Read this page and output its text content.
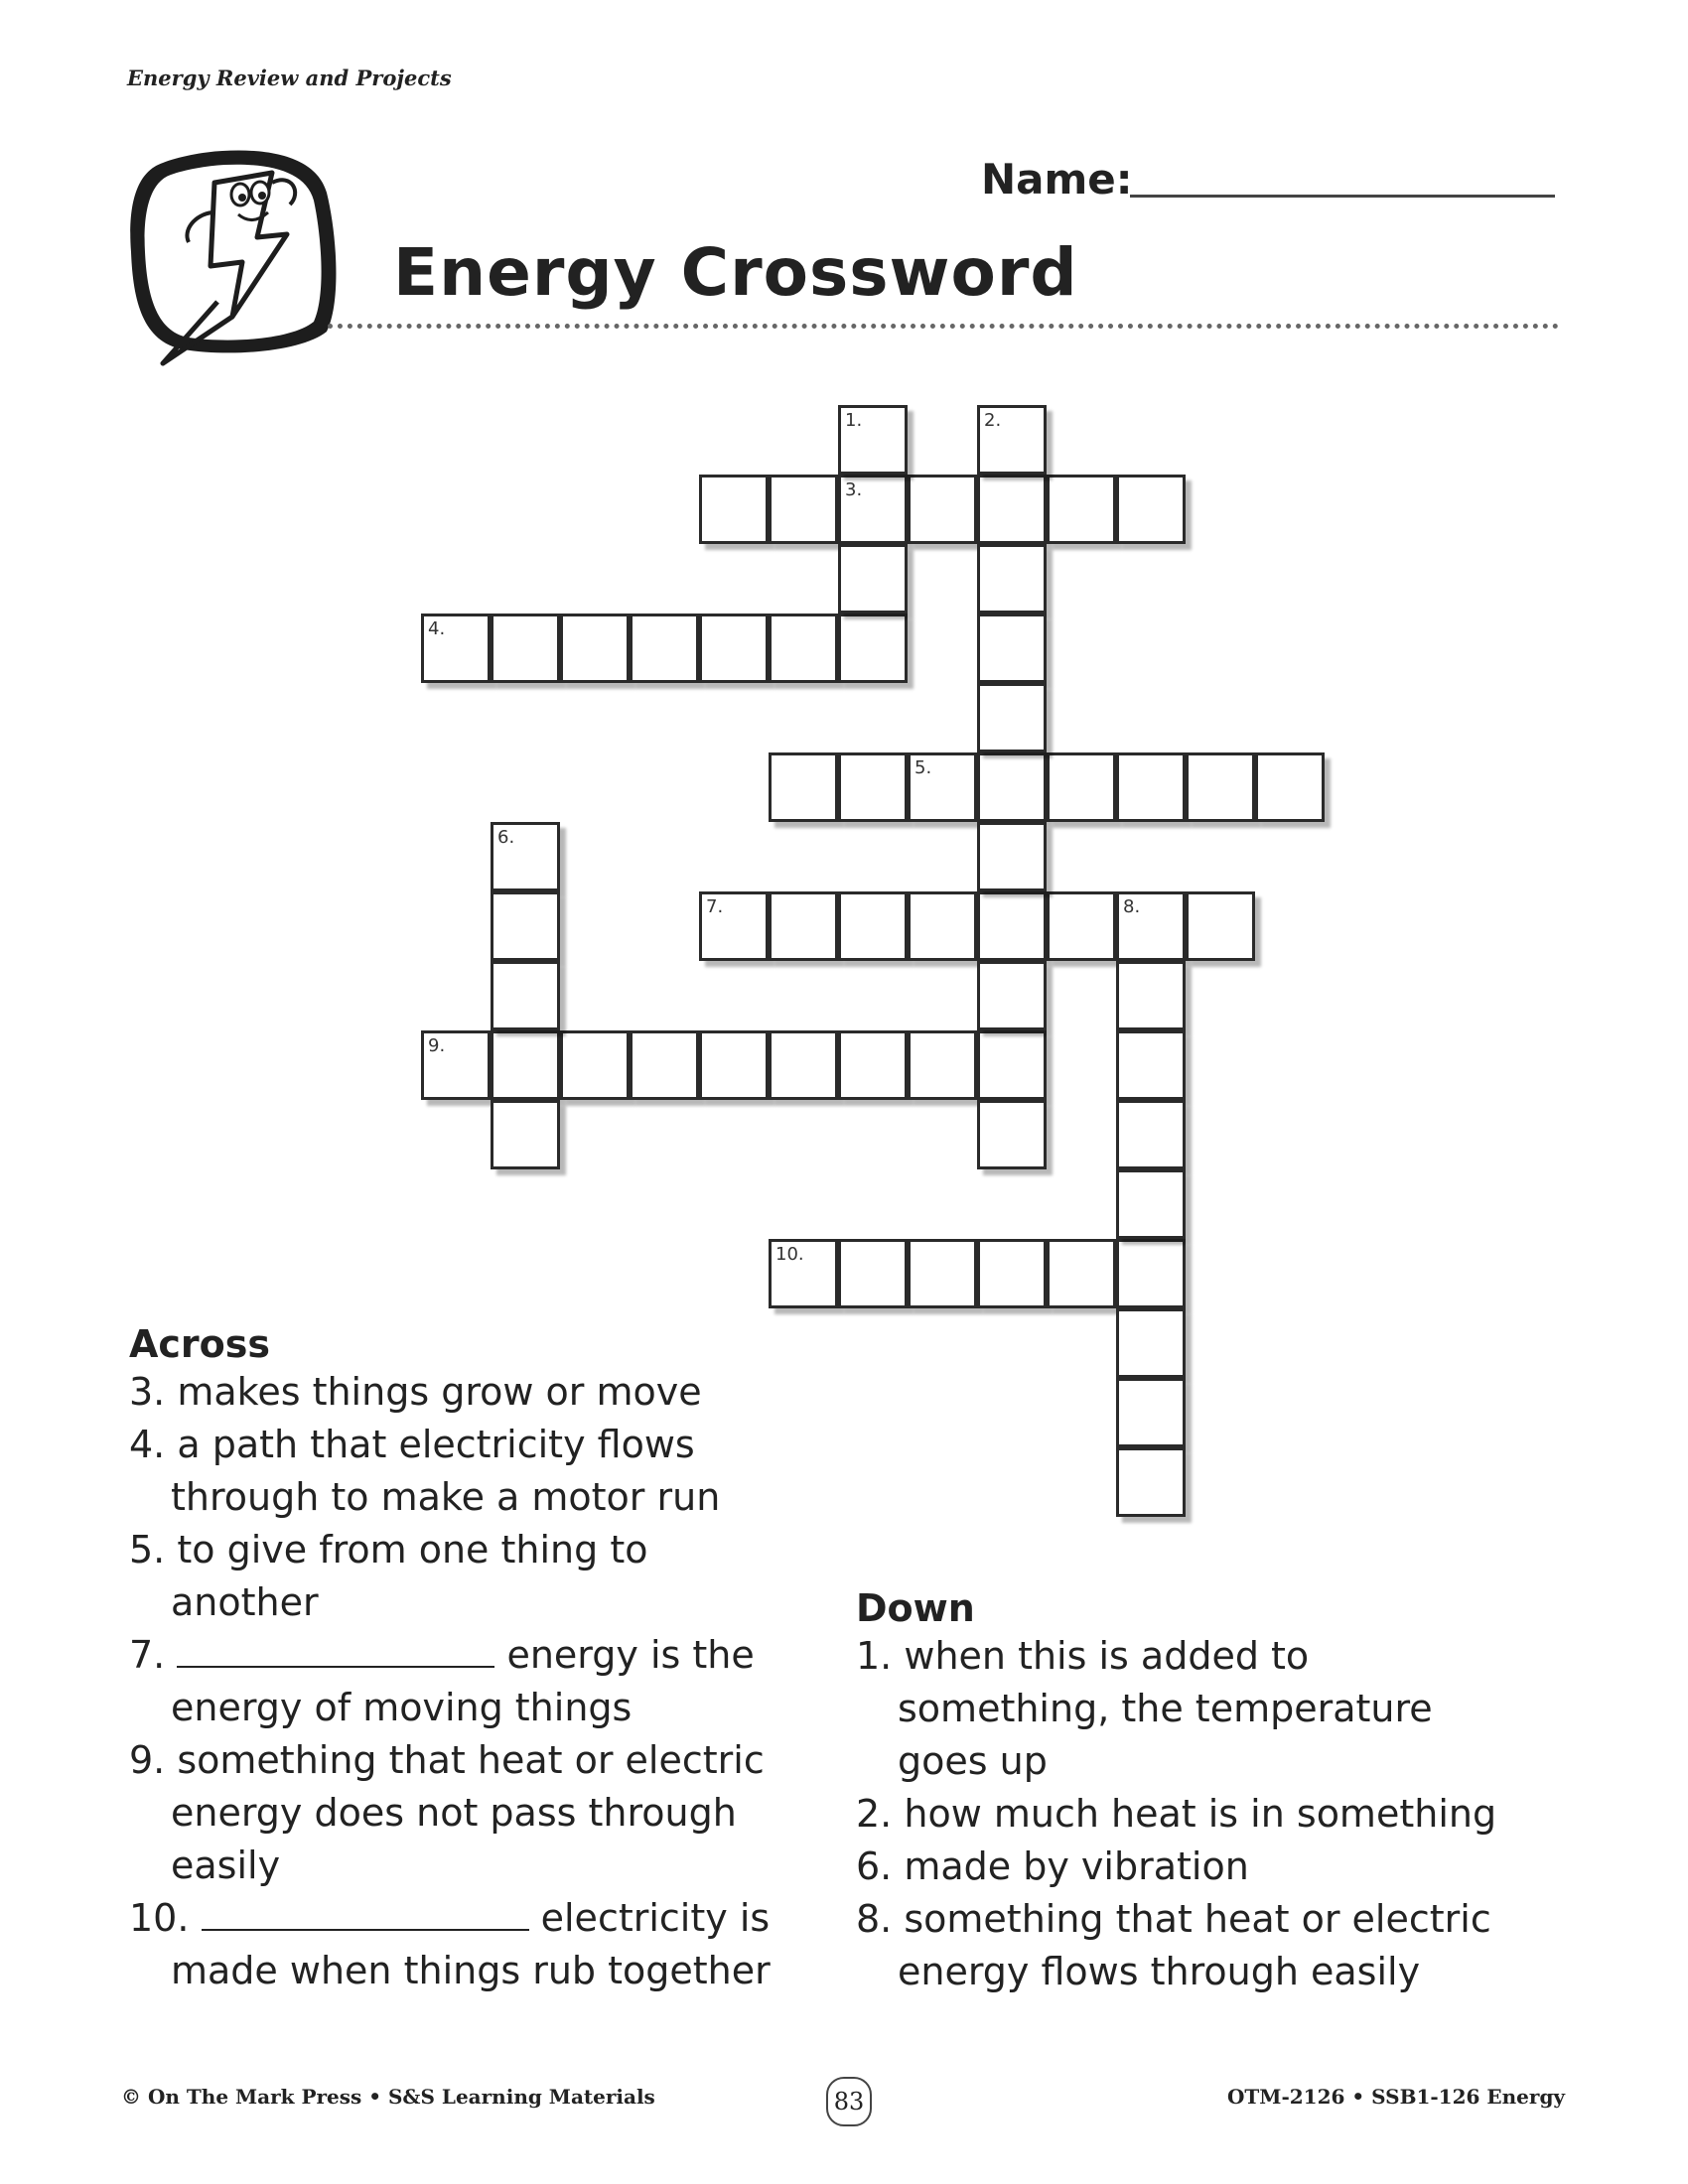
Energy Review and Projects
Name:
Energy Crossword
3.
4.
5.
7.	8.
9.
10.
1.	2.
6.
Across
3. makes things grow or move
4. a path that electricity flows
through to make a motor run
5. to give from one thing to
another
7.	energy is the
energy of moving things
9. something that heat or electric
energy does not pass through
easily
10.	electricity is
made when things rub together
Down
1. when this is added to
something, the temperature
goes up
2. how much heat is in something
6. made by vibration
8. something that heat or electric
energy flows through easily
© On The Mark Press • S&S Learning Materials	83	OTM-2126 • SSB1-126 Energy
